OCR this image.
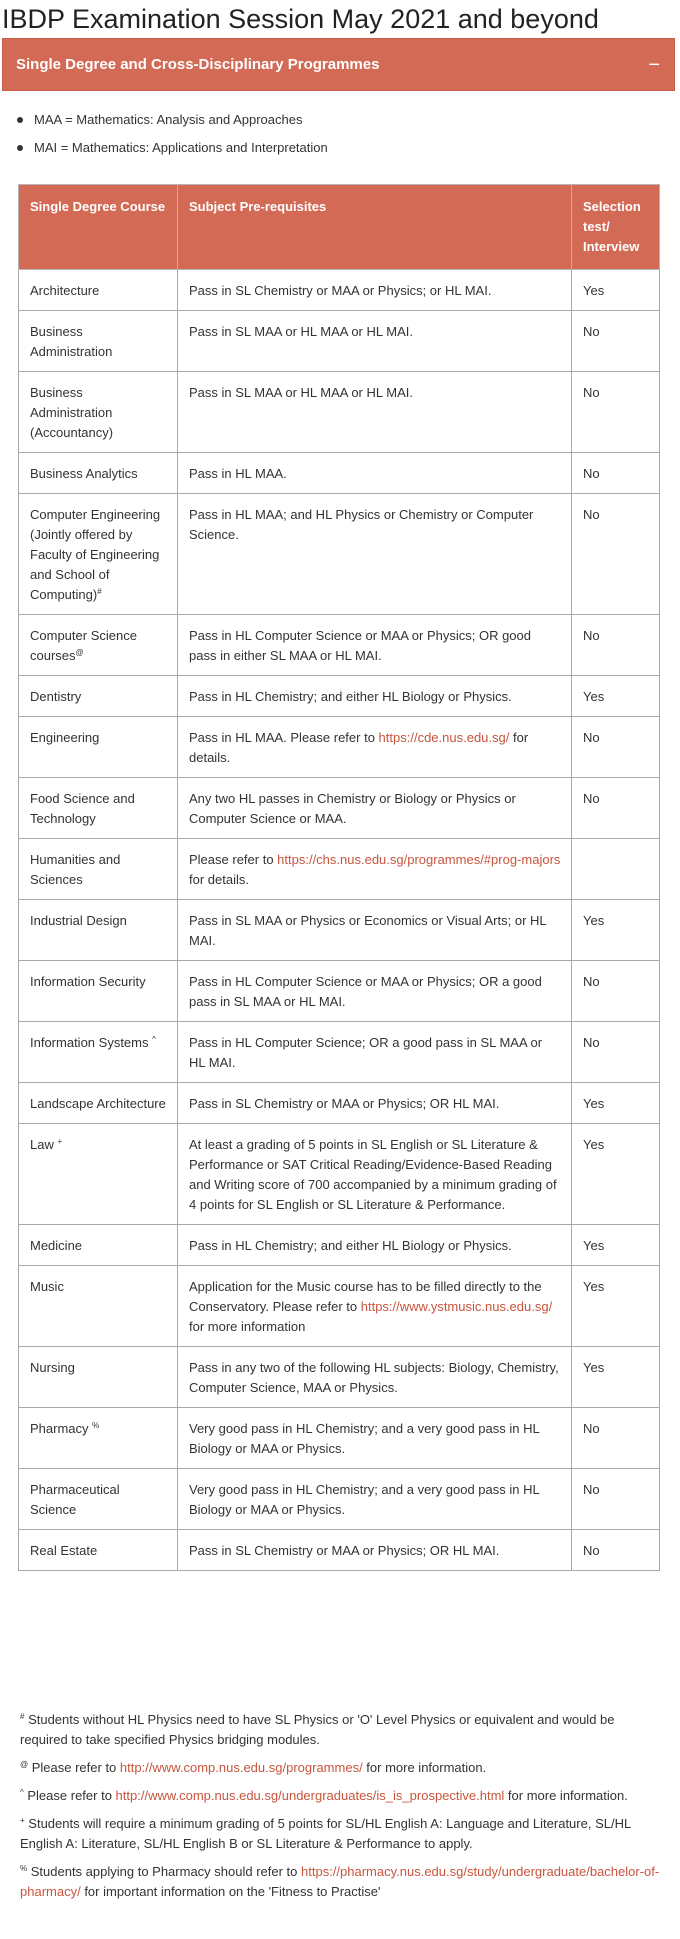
IBDP Examination Session May 2021 and beyond
Single Degree and Cross-Disciplinary Programmes	−
MAA = Mathematics: Analysis and Approaches
MAI = Mathematics: Applications and Interpretation
Single Degree Course	Subject Pre-requisites	Selection test/ Interview
Architecture	Pass in SL Chemistry or MAA or Physics; or HL MAI.	Yes
Business Administration	Pass in SL MAA or HL MAA or HL MAI.	No
Business Administration (Accountancy)	Pass in SL MAA or HL MAA or HL MAI.	No
Business Analytics	Pass in HL MAA.	No
Computer Engineering (Jointly offered by Faculty of Engineering and School of Computing)#	Pass in HL MAA; and HL Physics or Chemistry or Computer Science.	No
Computer Science courses@	Pass in HL Computer Science or MAA or Physics; OR good pass in either SL MAA or HL MAI.	No
Dentistry	Pass in HL Chemistry; and either HL Biology or Physics.	Yes
Engineering	Pass in HL MAA. Please refer to https://cde.nus.edu.sg/ for details.	No
Food Science and Technology	Any two HL passes in Chemistry or Biology or Physics or Computer Science or MAA.	No
Humanities and Sciences	Please refer to https://chs.nus.edu.sg/programmes/#prog-majors for details.	
Industrial Design	Pass in SL MAA or Physics or Economics or Visual Arts; or HL MAI.	Yes
Information Security	Pass in HL Computer Science or MAA or Physics; OR a good pass in SL MAA or HL MAI.	No
Information Systems ^	Pass in HL Computer Science; OR a good pass in SL MAA or HL MAI.	No
Landscape Architecture	Pass in SL Chemistry or MAA or Physics; OR HL MAI.	Yes
Law +	At least a grading of 5 points in SL English or SL Literature & Performance or SAT Critical Reading/Evidence-Based Reading and Writing score of 700 accompanied by a minimum grading of 4 points for SL English or SL Literature & Performance.	Yes
Medicine	Pass in HL Chemistry; and either HL Biology or Physics.	Yes
Music	Application for the Music course has to be filled directly to the Conservatory. Please refer to https://www.ystmusic.nus.edu.sg/ for more information	Yes
Nursing	Pass in any two of the following HL subjects: Biology, Chemistry, Computer Science, MAA or Physics.	Yes
Pharmacy %	Very good pass in HL Chemistry; and a very good pass in HL Biology or MAA or Physics.	No
Pharmaceutical Science	Very good pass in HL Chemistry; and a very good pass in HL Biology or MAA or Physics.	No
Real Estate	Pass in SL Chemistry or MAA or Physics; OR HL MAI.	No

# Students without HL Physics need to have SL Physics or 'O' Level Physics or equivalent and would be required to take specified Physics bridging modules.

@ Please refer to http://www.comp.nus.edu.sg/programmes/ for more information.

^ Please refer to http://www.comp.nus.edu.sg/undergraduates/is_is_prospective.html for more information.

+ Students will require a minimum grading of 5 points for SL/HL English A: Language and Literature, SL/HL English A: Literature, SL/HL English B or SL Literature & Performance to apply.

% Students applying to Pharmacy should refer to https://pharmacy.nus.edu.sg/study/undergraduate/bachelor-of-pharmacy/ for important information on the 'Fitness to Practise'
